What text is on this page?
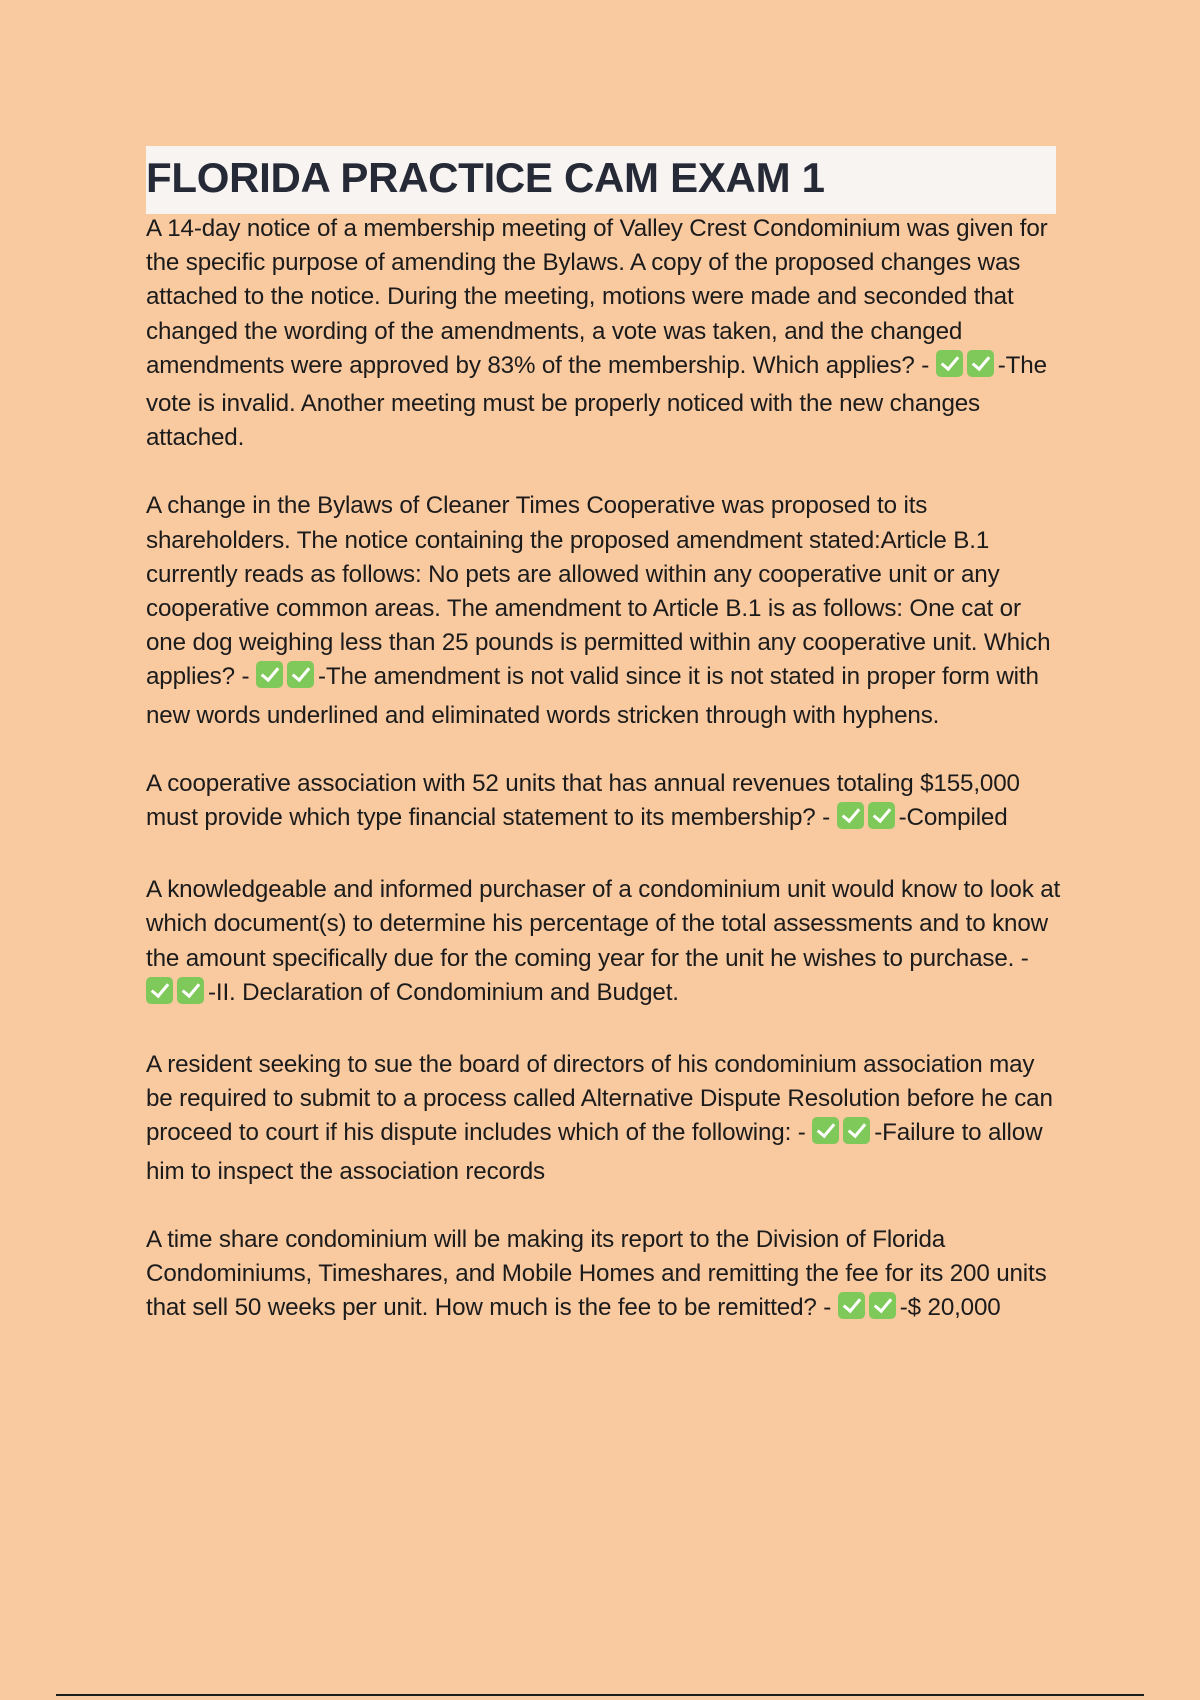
FLORIDA PRACTICE CAM EXAM 1

A 14-day notice of a membership meeting of Valley Crest Condominium was given for the specific purpose of amending the Bylaws. A copy of the proposed changes was attached to the notice. During the meeting, motions were made and seconded that changed the wording of the amendments, a vote was taken, and the changed amendments were approved by 83% of the membership. Which applies? -	-The vote is invalid. Another meeting must be properly noticed with the new changes attached.

A change in the Bylaws of Cleaner Times Cooperative was proposed to its shareholders. The notice containing the proposed amendment stated:Article B.1 currently reads as follows: No pets are allowed within any cooperative unit or any cooperative common areas. The amendment to Article B.1 is as follows: One cat or one dog weighing less than 25 pounds is permitted within any cooperative unit. Which applies? -	-The amendment is not valid since it is not stated in proper form with new words underlined and eliminated words stricken through with hyphens.

A cooperative association with 52 units that has annual revenues totaling $155,000 must provide which type financial statement to its membership? -	-Compiled

A knowledgeable and informed purchaser of a condominium unit would know to look at which document(s) to determine his percentage of the total assessments and to know the amount specifically due for the coming year for the unit he wishes to purchase. - -II. Declaration of Condominium and Budget.

A resident seeking to sue the board of directors of his condominium association may be required to submit to a process called Alternative Dispute Resolution before he can proceed to court if his dispute includes which of the following: -	-Failure to allow him to inspect the association records

A time share condominium will be making its report to the Division of Florida Condominiums, Timeshares, and Mobile Homes and remitting the fee for its 200 units that sell 50 weeks per unit. How much is the fee to be remitted? -	-$ 20,000
